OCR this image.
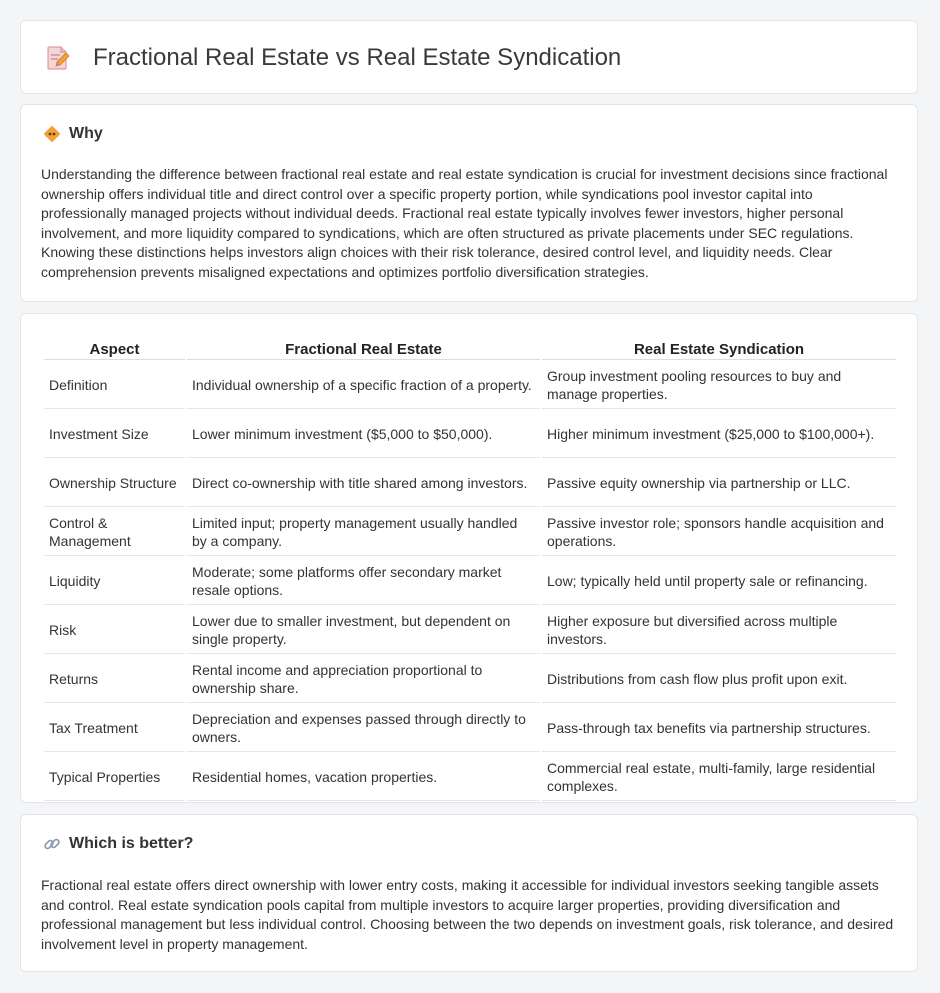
Fractional Real Estate vs Real Estate Syndication
Why

Understanding the difference between fractional real estate and real estate syndication is crucial for investment decisions since fractional ownership offers individual title and direct control over a specific property portion, while syndications pool investor capital into professionally managed projects without individual deeds. Fractional real estate typically involves fewer investors, higher personal involvement, and more liquidity compared to syndications, which are often structured as private placements under SEC regulations. Knowing these distinctions helps investors align choices with their risk tolerance, desired control level, and liquidity needs. Clear comprehension prevents misaligned expectations and optimizes portfolio diversification strategies.

Aspect	Fractional Real Estate	Real Estate Syndication
Definition	Individual ownership of a specific fraction of a property.	Group investment pooling resources to buy and manage properties.
Investment Size	Lower minimum investment ($5,000 to $50,000).	Higher minimum investment ($25,000 to $100,000+).
Ownership Structure	Direct co-ownership with title shared among investors.	Passive equity ownership via partnership or LLC.
Control & Management	Limited input; property management usually handled by a company.	Passive investor role; sponsors handle acquisition and operations.
Liquidity	Moderate; some platforms offer secondary market resale options.	Low; typically held until property sale or refinancing.
Risk	Lower due to smaller investment, but dependent on single property.	Higher exposure but diversified across multiple investors.
Returns	Rental income and appreciation proportional to ownership share.	Distributions from cash flow plus profit upon exit.
Tax Treatment	Depreciation and expenses passed through directly to owners.	Pass-through tax benefits via partnership structures.
Typical Properties	Residential homes, vacation properties.	Commercial real estate, multi-family, large residential complexes.
Which is better?

Fractional real estate offers direct ownership with lower entry costs, making it accessible for individual investors seeking tangible assets and control. Real estate syndication pools capital from multiple investors to acquire larger properties, providing diversification and professional management but less individual control. Choosing between the two depends on investment goals, risk tolerance, and desired involvement level in property management.
